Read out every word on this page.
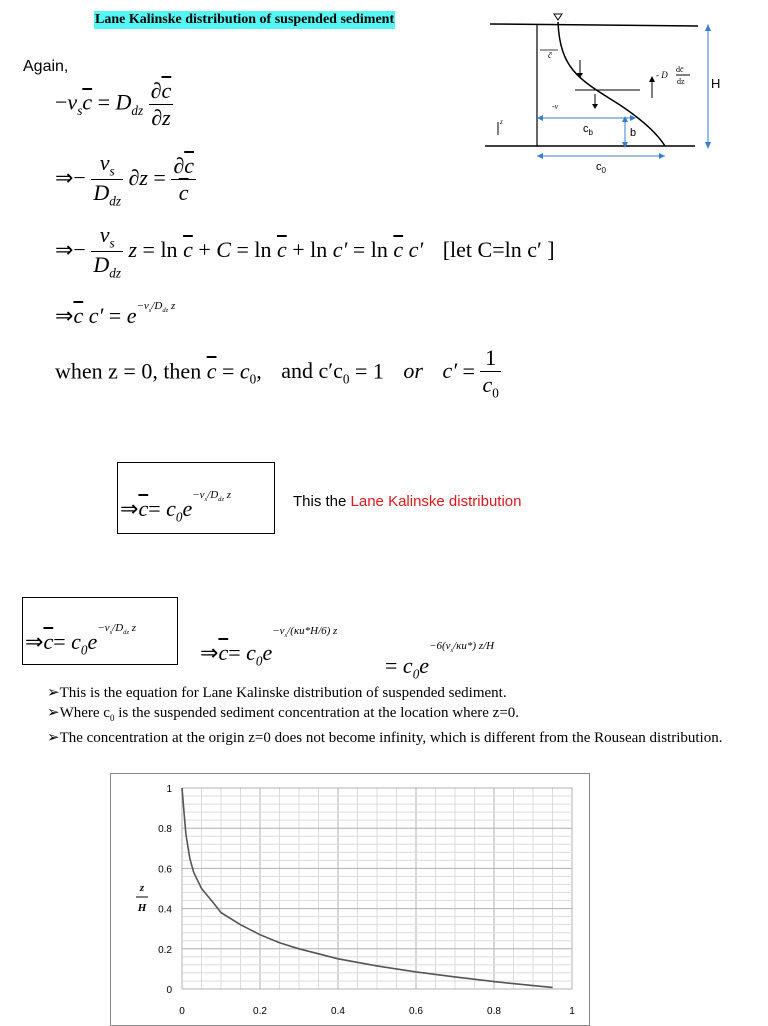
Lane Kalinske distribution of suspended sediment
Again,
z
c̄
- D
dc̄
dz
-v
$c_b$	b
$c_0$
H
$-v_s\overline{c} = D_{dz} \frac{\partial\overline{c}}{\partial z}$
⇒− $\frac{v_s}{D_{dz}} \partial z = \frac{\partial\overline{c}}{c}$
⇒− $\frac{v_s}{D_{dz}}$ $z = \ln \overline{c} + C = \ln \overline{c} + \ln c' = \ln \overline{c}$ c′ [let C=ln c′ ]
$\Rightarrow\overline{c}$ $c' = e^{-v_s/D_{dz} z}$
when z = 0, then $\overline{c} = c_0$, and $c'c_0 = 1$ or $c' = \frac{1}{c_0}$
$\Rightarrow\overline{c}= c_0e^{-v_s/D_{dz} z}$	This the Lane Kalinske distribution
$\Rightarrow\overline{c}= c_0e^{-v_s/D_{dz} z}$
$\Rightarrow\overline{c}= c_0e^{-v_s/(\kappa u*H/6) z}$
= $c_0e^{-6(v_s/\kappa u*) z/H}$
➢This is the equation for Lane Kalinske distribution of suspended sediment.
➢Where $c_0$ is the suspended sediment concentration at the location where z=0.
➢The concentration at the origin z=0 does not become infinity, which is different from the Rousean distribution.
0	0.2	0.4	0.6	0.8	1
0
0.2
0.4
0.6
0.8
1
z
H
